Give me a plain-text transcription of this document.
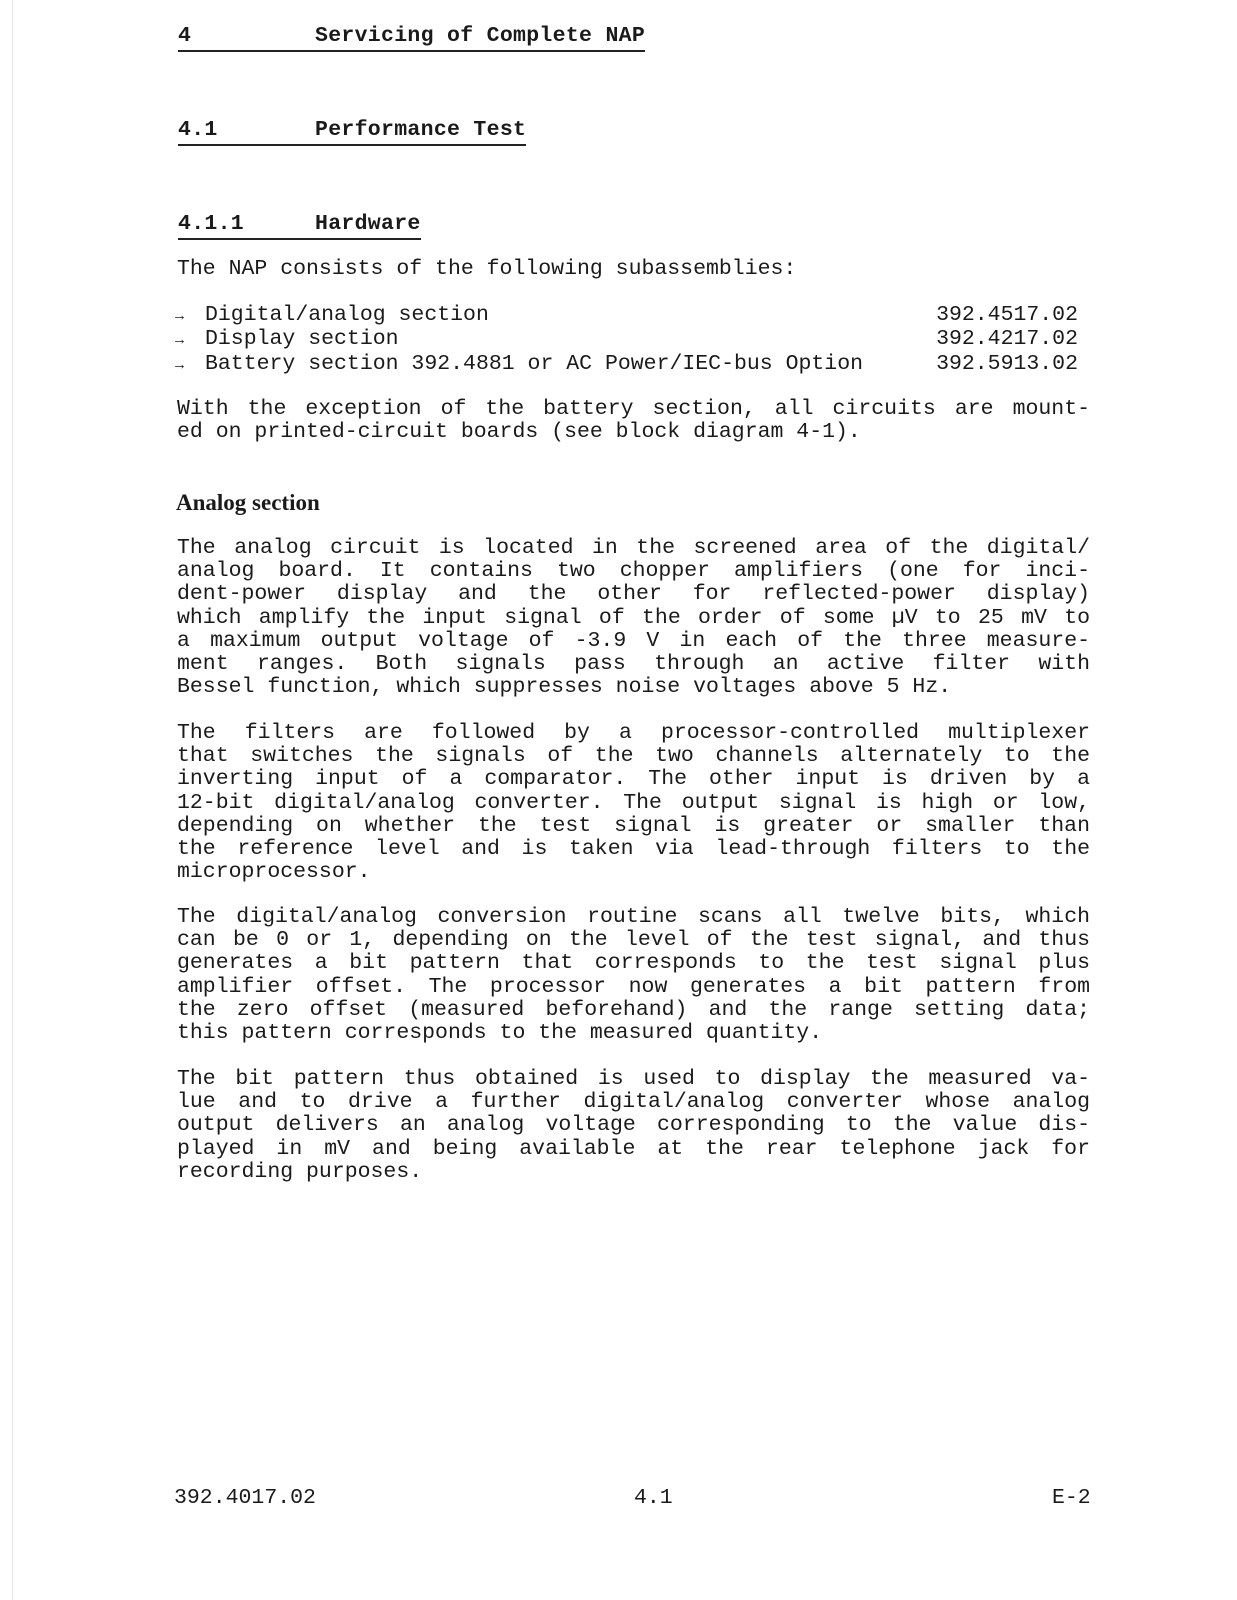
4	Servicing of Complete NAP
4.1	Performance Test
4.1.1	Hardware

The NAP consists of the following subassemblies:

→ Digital/analog section	392.4517.02
→ Display section	392.4217.02
→ Battery section 392.4881 or AC Power/IEC-bus Option	392.5913.02

With the exception of the battery section, all circuits are mount-
ed on printed-circuit boards (see block diagram 4-1).

Analog section

The analog circuit is located in the screened area of the digital/
analog board. It contains two chopper amplifiers (one for inci-
dent-power display and the other for reflected-power display)
which amplify the input signal of the order of some µV to 25 mV to
a maximum output voltage of -3.9 V in each of the three measure-
ment ranges. Both signals pass through an active filter with
Bessel function, which suppresses noise voltages above 5 Hz.

The filters are followed by a processor-controlled multiplexer
that switches the signals of the two channels alternately to the
inverting input of a comparator. The other input is driven by a
12-bit digital/analog converter. The output signal is high or low,
depending on whether the test signal is greater or smaller than
the reference level and is taken via lead-through filters to the
microprocessor.

The digital/analog conversion routine scans all twelve bits, which
can be 0 or 1, depending on the level of the test signal, and thus
generates a bit pattern that corresponds to the test signal plus
amplifier offset. The processor now generates a bit pattern from
the zero offset (measured beforehand) and the range setting data;
this pattern corresponds to the measured quantity.

The bit pattern thus obtained is used to display the measured va-
lue and to drive a further digital/analog converter whose analog
output delivers an analog voltage corresponding to the value dis-
played in mV and being available at the rear telephone jack for
recording purposes.

392.4017.02	4.1	E-2
